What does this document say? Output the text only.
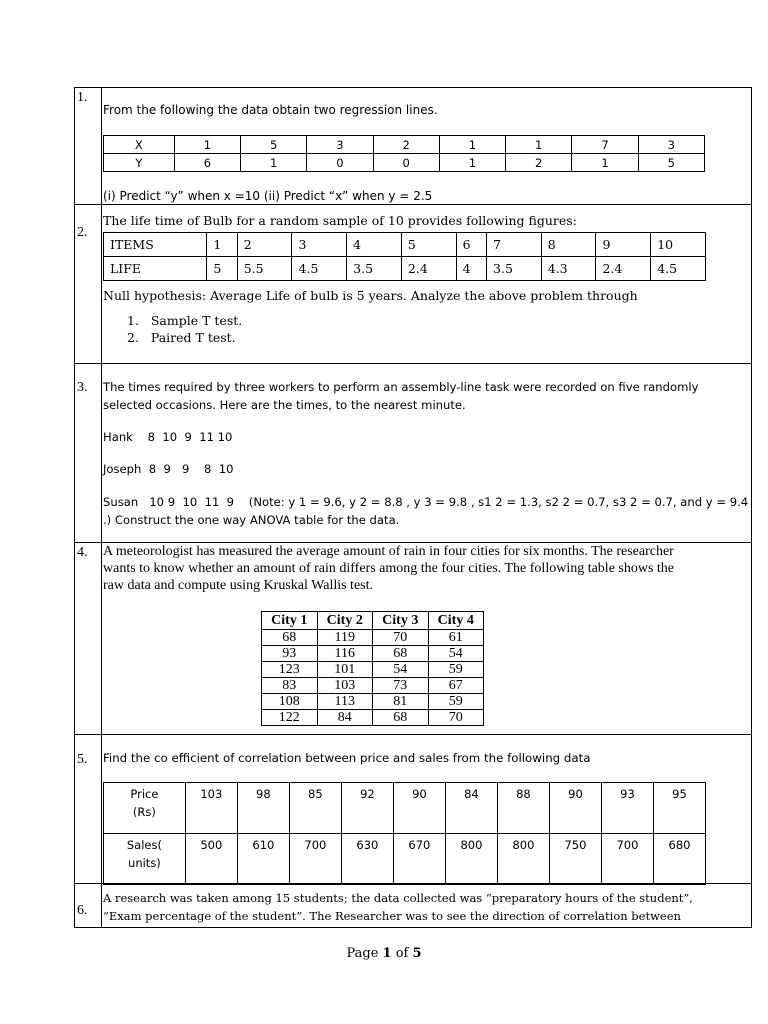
1.
From the following the data obtain two regression lines.
X	1	5	3	2	1	1	7	3
Y	6	1	0	0	1	2	1	5
(i) Predict “y” when x =10 (ii) Predict “x” when y = 2.5
2.
The life time of Bulb for a random sample of 10 provides following figures:
ITEMS	1	2	3	4	5	6	7	8	9	10
LIFE	5	5.5	4.5	3.5	2.4	4	3.5	4.3	2.4	4.5
Null hypothesis: Average Life of bulb is 5 years. Analyze the above problem through
1.   Sample T test.
2.   Paired T test.
3. The times required by three workers to perform an assembly-line task were recorded on five randomly
selected occasions. Here are the times, to the nearest minute.
Hank    8  10  9  11 10
Joseph  8  9   9    8  10
Susan   10 9  10  11  9    (Note: y 1 = 9.6, y 2 = 8.8 , y 3 = 9.8 , s1 2 = 1.3, s2 2 = 0.7, s3 2 = 0.7, and y = 9.4
.) Construct the one way ANOVA table for the data.
4. A meteorologist has measured the average amount of rain in four cities for six months. The researcher
wants to know whether an amount of rain differs among the four cities. The following table shows the
raw data and compute using Kruskal Wallis test.
City 1	City 2	City 3	City 4
68	119	70	61
93	116	68	54
123	101	54	59
83	103	73	67
108	113	81	59
122	84	68	70
5. Find the co efficient of correlation between price and sales from the following data
Price
(Rs)	103	98	85	92	90	84	88	90	93	95
Sales(
units)	500	610	700	630	670	800	800	750	700	680
6.
A research was taken among 15 students; the data collected was “preparatory hours of the student”,
“Exam percentage of the student”. The Researcher was to see the direction of correlation between
Page 1 of 5
